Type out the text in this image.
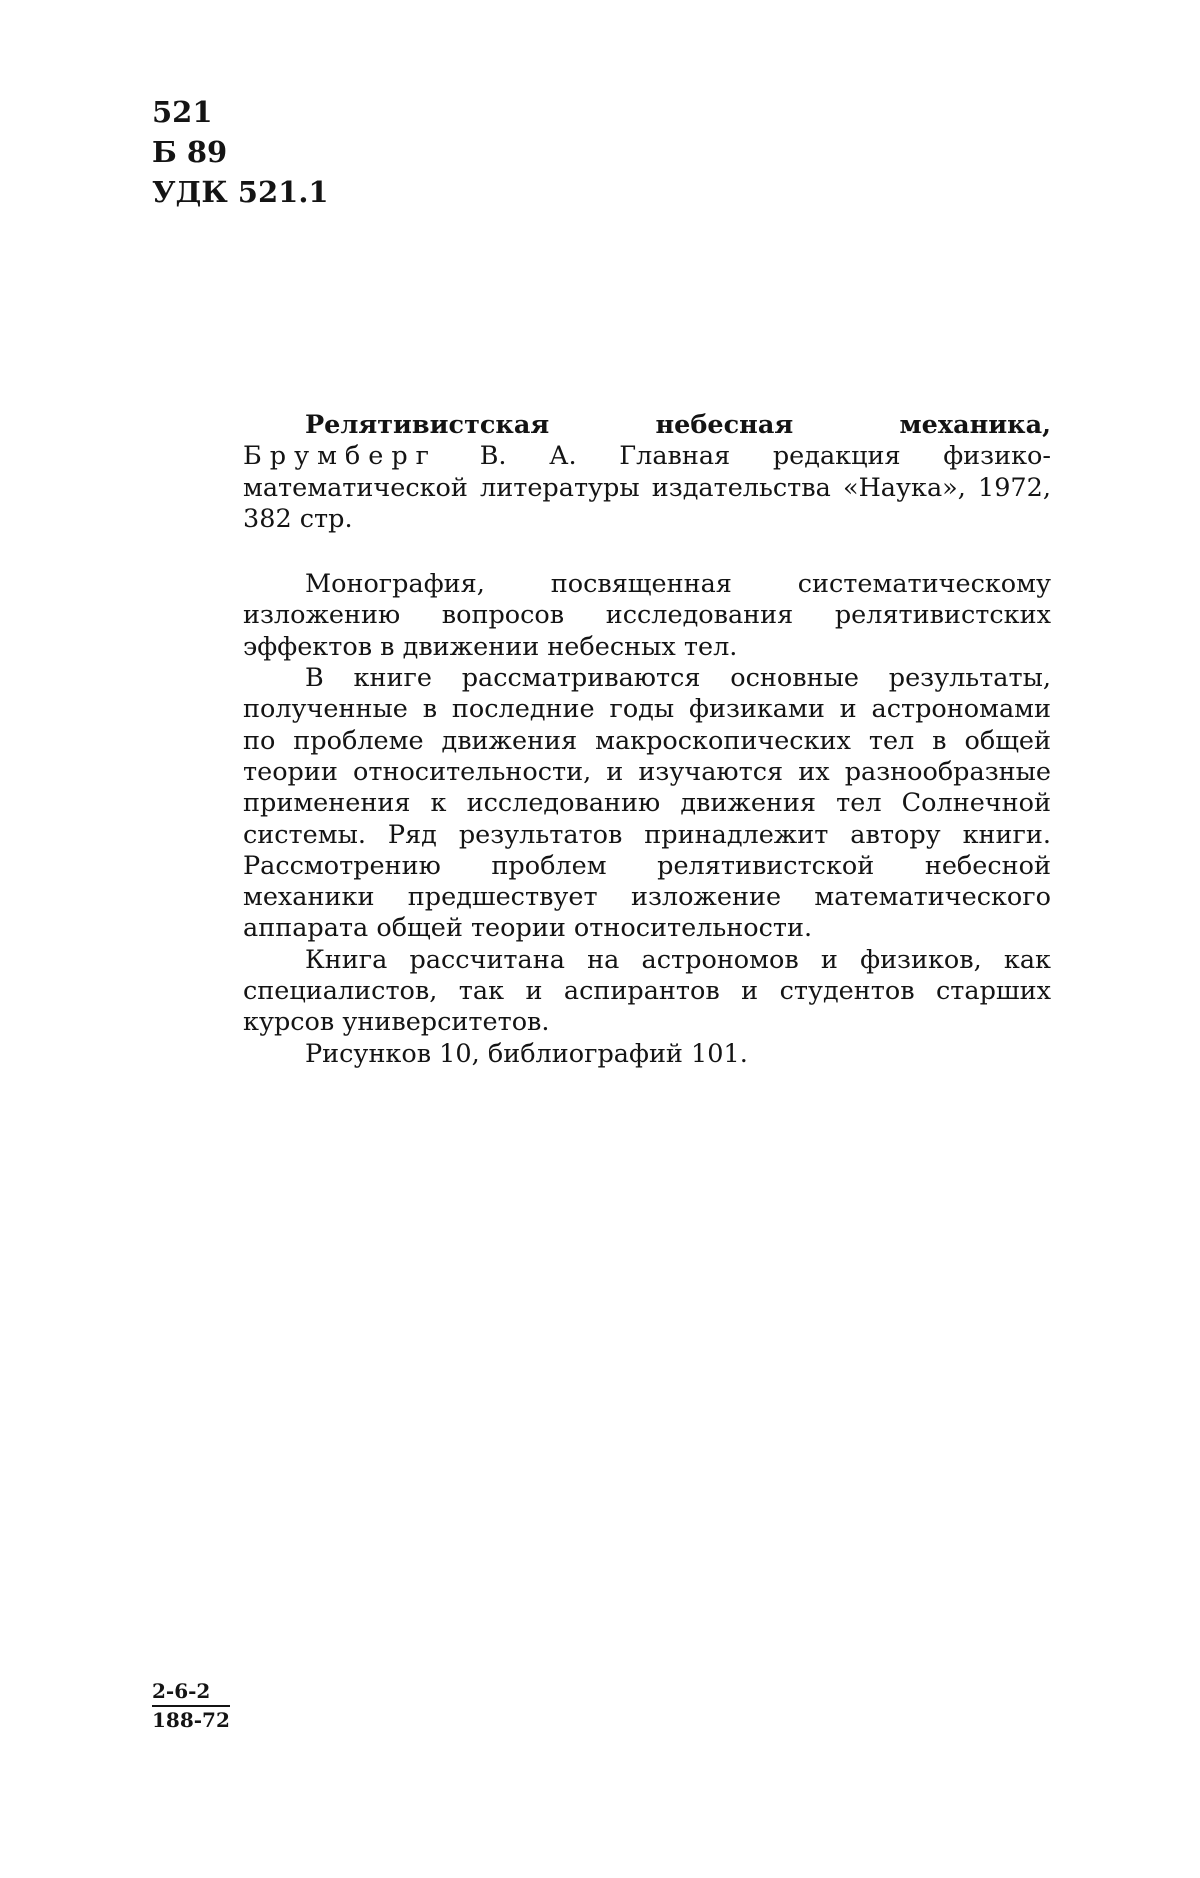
521
Б 89
УДК 521.1

Релятивистская небесная механика, Брумберг В. А. Главная редакция физико-математической литературы издательства «Наука», 1972, 382 стр.

Монография, посвященная систематическому изложению вопросов исследования релятивистских эффектов в движении небесных тел.

В книге рассматриваются основные результаты, полученные в последние годы физиками и астрономами по проблеме движения макроскопических тел в общей теории относительности, и изучаются их разнообразные применения к исследованию движения тел Солнечной системы. Ряд результатов принадлежит автору книги. Рассмотрению проблем релятивистской небесной механики предшествует изложение математического аппарата общей теории относительности.

Книга рассчитана на астрономов и физиков, как специалистов, так и аспирантов и студентов старших курсов университетов.

Рисунков 10, библиографий 101.

2-6-2
188-72
